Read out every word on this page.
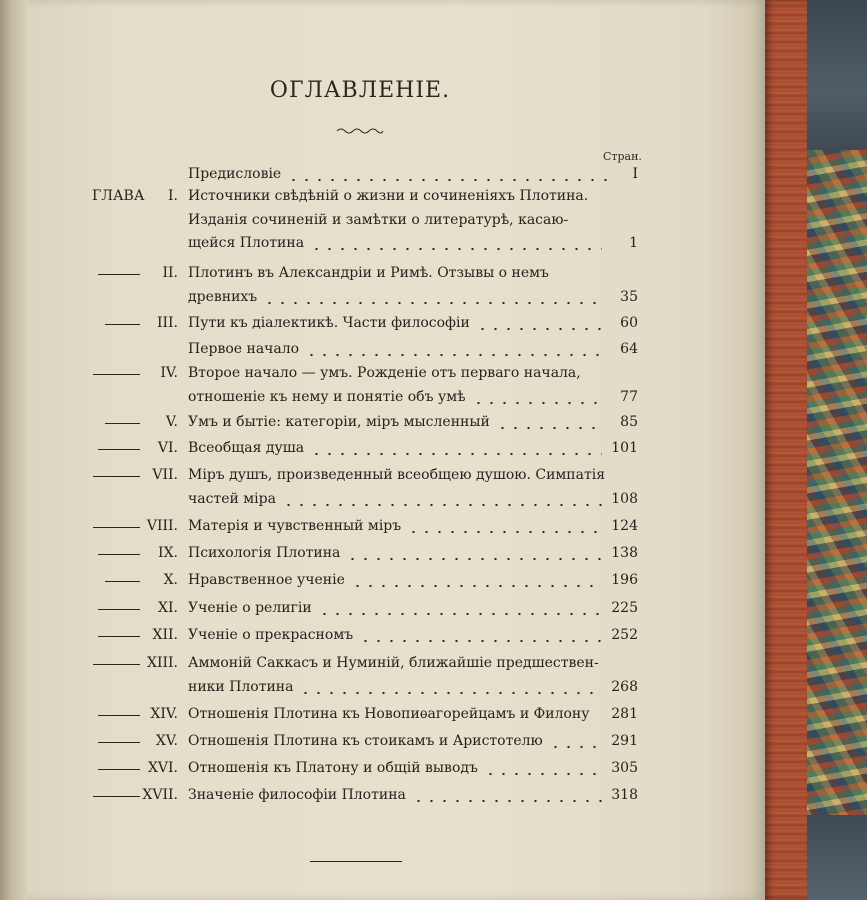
ОГЛАВЛЕНІЕ.
Стран.
Предисловіе	I
ГЛАВА	I. Источники свѣдѣній о жизни и сочиненіяхъ Плотина.
Изданія сочиненій и замѣтки о литературѣ, касаю-
щейся Плотина	1
II. Плотинъ въ Александріи и Римѣ. Отзывы о немъ
древнихъ	35
III. Пути къ діалектикѣ. Части философіи	60
Первое начало	64
IV. Второе начало — умъ. Рожденіе отъ перваго начала,
отношеніе къ нему и понятіе объ умѣ	77
V. Умъ и бытіе: категоріи, міръ мысленный	85
VI. Всеобщая душа	101
VII. Міръ душъ, произведенный всеобщею душою. Симпатія
частей міра	108
VIII. Матерія и чувственный міръ	124
IX. Психологія Плотина	138
X. Нравственное ученіе	196
XI. Ученіе о религіи	225
XII. Ученіе о прекрасномъ	252
XIII. Аммоній Саккасъ и Нуминій, ближайшіе предшествен-
ники Плотина	268
XIV. Отношенія Плотина къ Новопиѳагорейцамъ и Филону	281
XV. Отношенія Плотина къ стоикамъ и Аристотелю	291
XVI. Отношенія къ Платону и общій выводъ	305
XVII. Значеніе философіи Плотина	318
